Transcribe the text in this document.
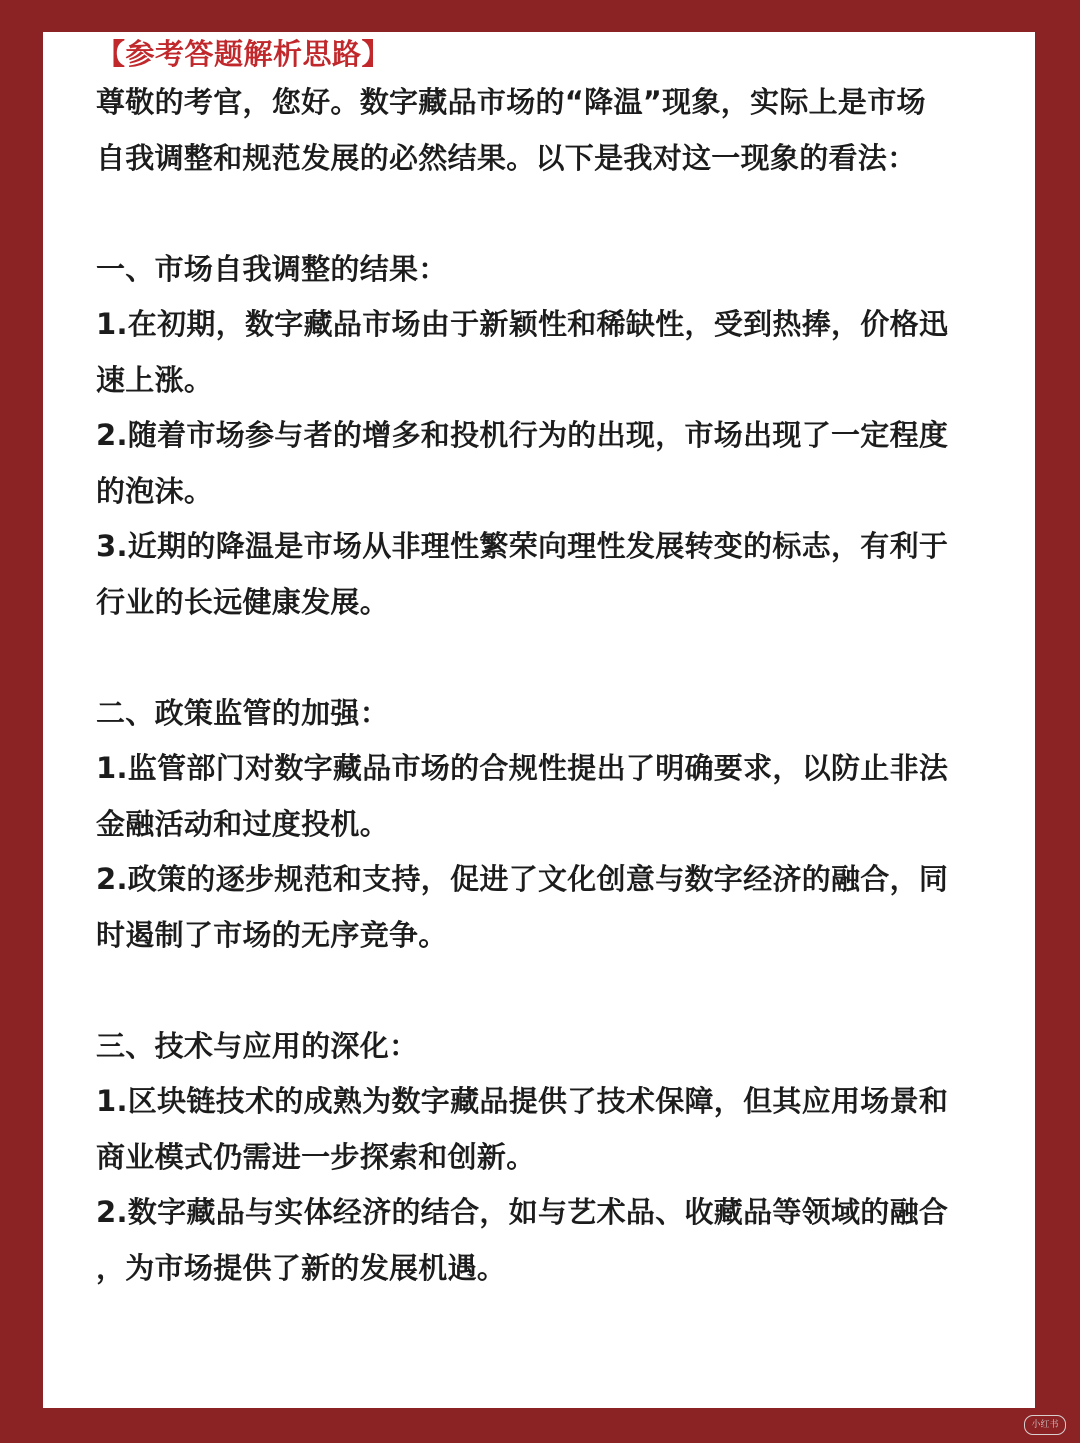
【参考答题解析思路】

尊敬的考官，您好。数字藏品市场的“降温”现象，实际上是市场

自我调整和规范发展的必然结果。以下是我对这一现象的看法：

一、市场自我调整的结果：

1.在初期，数字藏品市场由于新颖性和稀缺性，受到热捧，价格迅

速上涨。

2.随着市场参与者的增多和投机行为的出现，市场出现了一定程度

的泡沫。

3.近期的降温是市场从非理性繁荣向理性发展转变的标志，有利于

行业的长远健康发展。

二、政策监管的加强：

1.监管部门对数字藏品市场的合规性提出了明确要求，以防止非法

金融活动和过度投机。

2.政策的逐步规范和支持，促进了文化创意与数字经济的融合，同

时遏制了市场的无序竞争。

三、技术与应用的深化：

1.区块链技术的成熟为数字藏品提供了技术保障，但其应用场景和

商业模式仍需进一步探索和创新。

2.数字藏品与实体经济的结合，如与艺术品、收藏品等领域的融合

，为市场提供了新的发展机遇。

小红书
